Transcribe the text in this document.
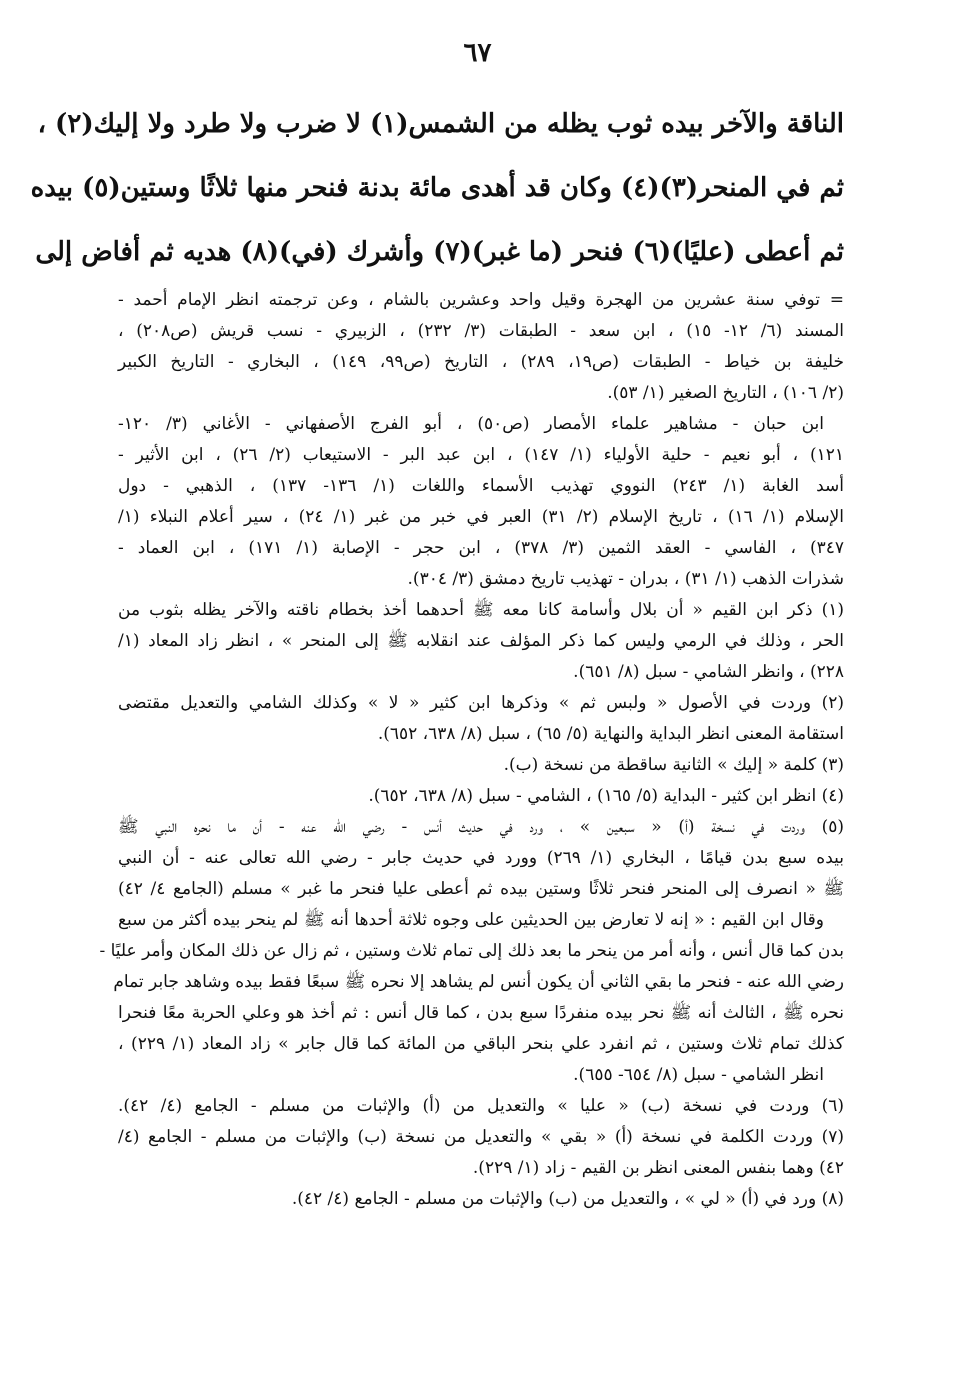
٦٧
الناقة والآخر بيده ثوب يظله من الشمس(١) لا ضرب ولا طرد ولا إليك(٢) ،
ثم في المنحر(٣)(٤) وكان قد أهدى مائة بدنة فنحر منها ثلاثًا وستين(٥) بيده
ثم أعطى (عليًا)(٦) فنحر (ما غبر)(٧) وأشرك (في)(٨) هديه ثم أفاض إلى
= توفي سنة عشرين من الهجرة وقيل واحد وعشرين بالشام ، وعن ترجمته انظر الإمام أحمد -
المسند (٦/ ١٢- ١٥) ، ابن سعد - الطبقات (٣/ ٢٣٢) ، الزبيري - نسب قريش (ص٢٠٨) ،
خليفة بن خياط - الطبقات (ص١٩، ٢٨٩) ، التاريخ (ص٩٩، ١٤٩) ، البخاري - التاريخ الكبير
(٢/ ١٠٦) ، التاريخ الصغير (١/ ٥٣).
ابن حبان - مشاهير علماء الأمصار (ص٥٠) ، أبو الفرج الأصفهاني - الأغاني (٣/ ١٢٠-
١٢١) ، أبو نعيم - حلية الأولياء (١/ ١٤٧) ، ابن عبد البر - الاستيعاب (٢/ ٢٦) ، ابن الأثير -
أسد الغابة (١/ ٢٤٣) النووي تهذيب الأسماء واللغات (١/ ١٣٦- ١٣٧) ، الذهبي - دول
الإسلام (١/ ١٦) ، تاريخ الإسلام (٢/ ٣١) العبر في خبر من غبر (١/ ٢٤) ، سير أعلام النبلاء (١/
٣٤٧) ، الفاسي - العقد الثمين (٣/ ٣٧٨) ، ابن حجر - الإصابة (١/ ١٧١) ، ابن العماد -
شذرات الذهب (١/ ٣١) ، بدران - تهذيب تاريخ دمشق (٣/ ٣٠٤).
(١) ذكر ابن القيم « أن بلال وأسامة كانا معه ﷺ أحدهما أخذ بخطام ناقته والآخر يظله بثوب من
الحر ، وذلك في الرمي وليس كما ذكر المؤلف عند انقلابه ﷺ إلى المنحر » ، انظر زاد المعاد (١/
٢٢٨) ، وانظر الشامي - سبل (٨/ ٦٥١).
(٢) وردت في الأصول « ولبس ثم » وذكرها ابن كثير « لا » وكذلك الشامي والتعديل مقتضى
استقامة المعنى انظر البداية والنهاية (٥/ ٦٥) ، سبل (٨/ ٦٣٨، ٦٥٢).
(٣) كلمة « إليك » الثانية ساقطة من نسخة (ب).
(٤) انظر ابن كثير - البداية (٥/ ١٦٥) ، الشامي - سبل (٨/ ٦٣٨، ٦٥٢).
(٥) وردت في نسخة (أ) « سبعين » ، ورد في حديث أنس - رضي الله عنه - أن ما نحره النبي ﷺ
بيده سبع بدن قيامًا ، البخاري (١/ ٢٦٩) وورد في حديث جابر - رضي الله تعالى عنه - أن النبي
ﷺ « انصرف إلى المنحر فنحر ثلاثًا وستين بيده ثم أعطى عليا فنحر ما غبر » مسلم (الجامع ٤/ ٤٢)
وقال ابن القيم : « إنه لا تعارض بين الحديثين على وجوه ثلاثة أحدها أنه ﷺ لم ينحر بيده أكثر من سبع
بدن كما قال أنس ، وأنه أمر من ينحر ما بعد ذلك إلى تمام ثلاث وستين ، ثم زال عن ذلك المكان وأمر عليًا -
رضي الله عنه - فنحر ما بقي الثاني أن يكون أنس لم يشاهد إلا نحره ﷺ سبعًا فقط بيده وشاهد جابر تمام
نحره ﷺ ، الثالث أنه ﷺ نحر بيده منفردًا سبع بدن ، كما قال أنس : ثم أخذ هو وعلي الحربة معًا فنحرا
كذلك تمام ثلاث وستين ، ثم انفرد علي بنحر الباقي من المائة كما قال جابر » زاد المعاد (١/ ٢٢٩) ،
انظر الشامي - سبل (٨/ ٦٥٤- ٦٥٥).
(٦) وردت في نسخة (ب) « عليا » والتعديل من (أ) والإثبات من مسلم - الجامع (٤/ ٤٢).
(٧) وردت الكلمة في نسخة (أ) « بقي » والتعديل من نسخة (ب) والإثبات من مسلم - الجامع (٤/
٤٢) وهما بنفس المعنى انظر بن القيم - زاد (١/ ٢٢٩).
(٨) ورد في (أ) « لي » ، والتعديل من (ب) والإثبات من مسلم - الجامع (٤/ ٤٢).
